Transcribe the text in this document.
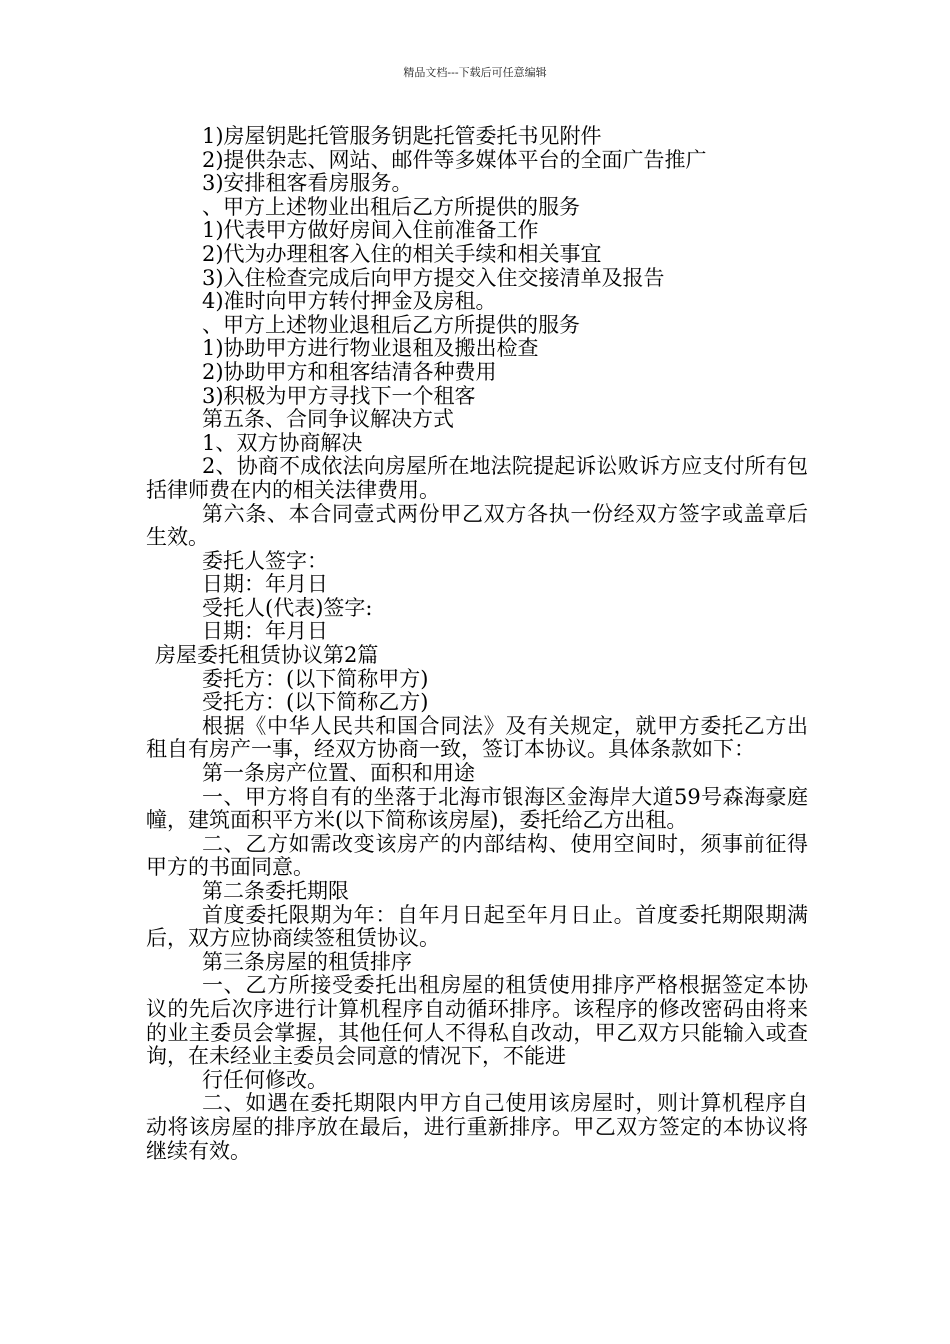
精品文档---下载后可任意编辑

1)房屋钥匙托管服务钥匙托管委托书见附件

2)提供杂志、网站、邮件等多媒体平台的全面广告推广

3)安排租客看房服务。

、甲方上述物业出租后乙方所提供的服务

1)代表甲方做好房间入住前准备工作

2)代为办理租客入住的相关手续和相关事宜

3)入住检查完成后向甲方提交入住交接清单及报告

4)准时向甲方转付押金及房租。

、甲方上述物业退租后乙方所提供的服务

1)协助甲方进行物业退租及搬出检查

2)协助甲方和租客结清各种费用

3)积极为甲方寻找下一个租客

第五条、合同争议解决方式

1、双方协商解决

2、协商不成依法向房屋所在地法院提起诉讼败诉方应支付所有包括律师费在内的相关法律费用。

第六条、本合同壹式两份甲乙双方各执一份经双方签字或盖章后生效。

委托人签字：

日期：年月日

受托人(代表)签字:

日期：年月日

房屋委托租赁协议第2篇

委托方：(以下简称甲方)

受托方：(以下简称乙方)

根据《中华人民共和国合同法》及有关规定，就甲方委托乙方出租自有房产一事，经双方协商一致，签订本协议。具体条款如下：

第一条房产位置、面积和用途

一、甲方将自有的坐落于北海市银海区金海岸大道59号森海豪庭幢，建筑面积平方米(以下简称该房屋)，委托给乙方出租。

二、乙方如需改变该房产的内部结构、使用空间时，须事前征得甲方的书面同意。

第二条委托期限

首度委托限期为年：自年月日起至年月日止。首度委托期限期满后，双方应协商续签租赁协议。

第三条房屋的租赁排序

一、乙方所接受委托出租房屋的租赁使用排序严格根据签定本协议的先后次序进行计算机程序自动循环排序。该程序的修改密码由将来的业主委员会掌握，其他任何人不得私自改动，甲乙双方只能输入或查询，在未经业主委员会同意的情况下，不能进

行任何修改。

二、如遇在委托期限内甲方自己使用该房屋时，则计算机程序自动将该房屋的排序放在最后，进行重新排序。甲乙双方签定的本协议将继续有效。
